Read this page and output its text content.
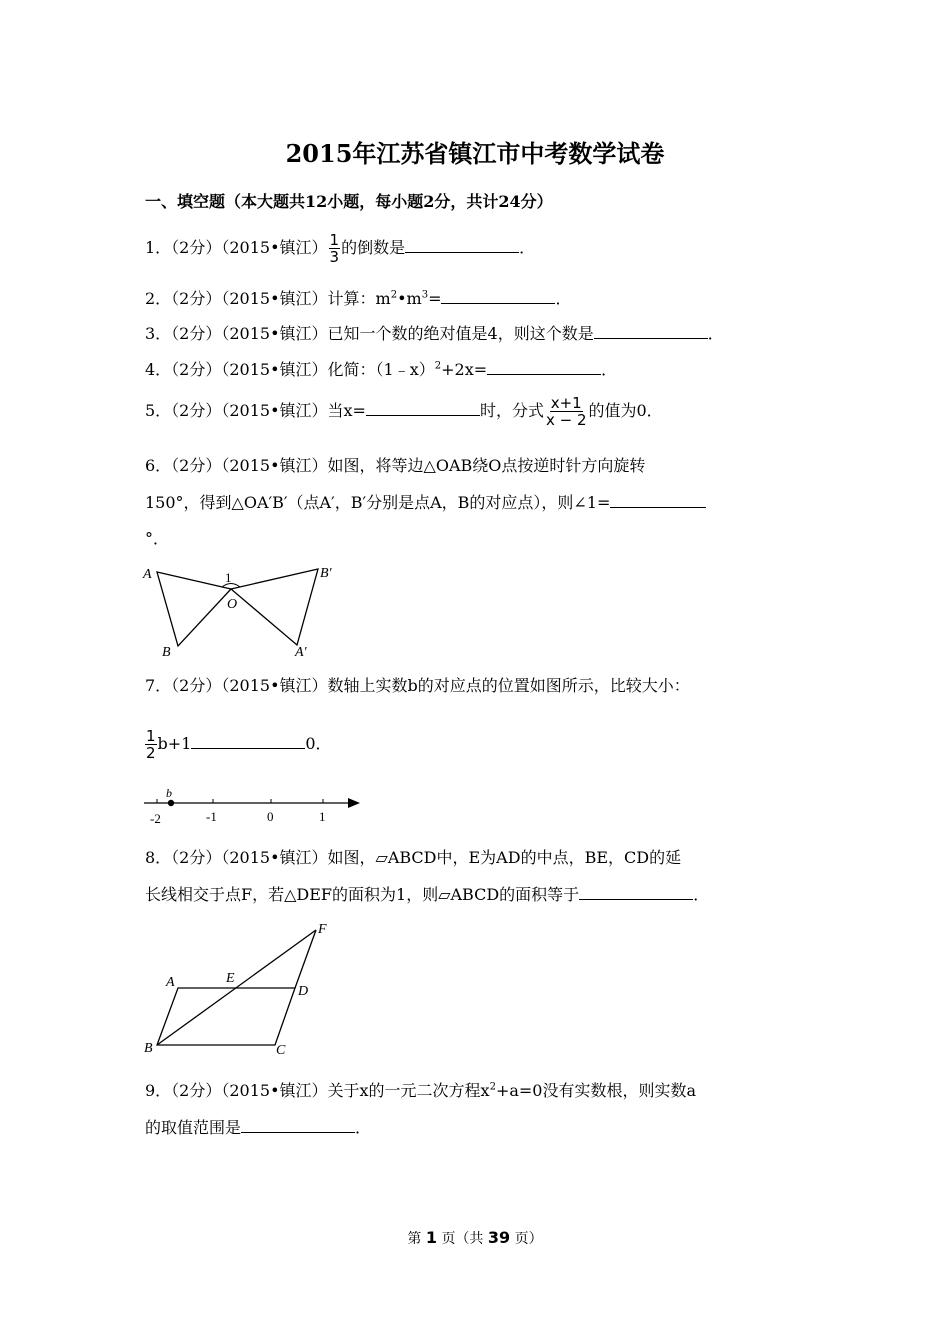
2015年江苏省镇江市中考数学试卷
一、填空题（本大题共12小题，每小题2分，共计24分）
1．（2分）（2015•镇江） $\frac{1}{3}$ 的倒数是	．
2．（2分）（2015•镇江）计算：$m^2•m^3=$	．
3．（2分）（2015•镇江）已知一个数的绝对值是4，则这个数是	．
4．（2分）（2015•镇江）化简：（1﹣x）$^2$+2x=	．
5．（2分）（2015•镇江）当x=	时，分式 $\frac{x+1}{x - 2}$ 的值为0．
6．（2分）（2015•镇江）如图，将等边△OAB绕O点按逆时针方向旋转
150°，得到△OA′B′（点A′，B′分别是点A，B的对应点），则∠1=
°．
A
B
O
1	B′
A′
7．（2分）（2015•镇江）数轴上实数b的对应点的位置如图所示，比较大小：
$\frac{1}{2} b+1$	0．
b
-2	-1	0	1
8．（2分）（2015•镇江）如图，▱ABCD中，E为AD的中点，BE，CD的延
长线相交于点F，若△DEF的面积为1，则▱ABCD的面积等于	．
A
B	C
D
E
F
9．（2分）（2015•镇江）关于x的一元二次方程$x^2+a=0$没有实数根，则实数a
的取值范围是	．
第 1 页（共 39 页）
